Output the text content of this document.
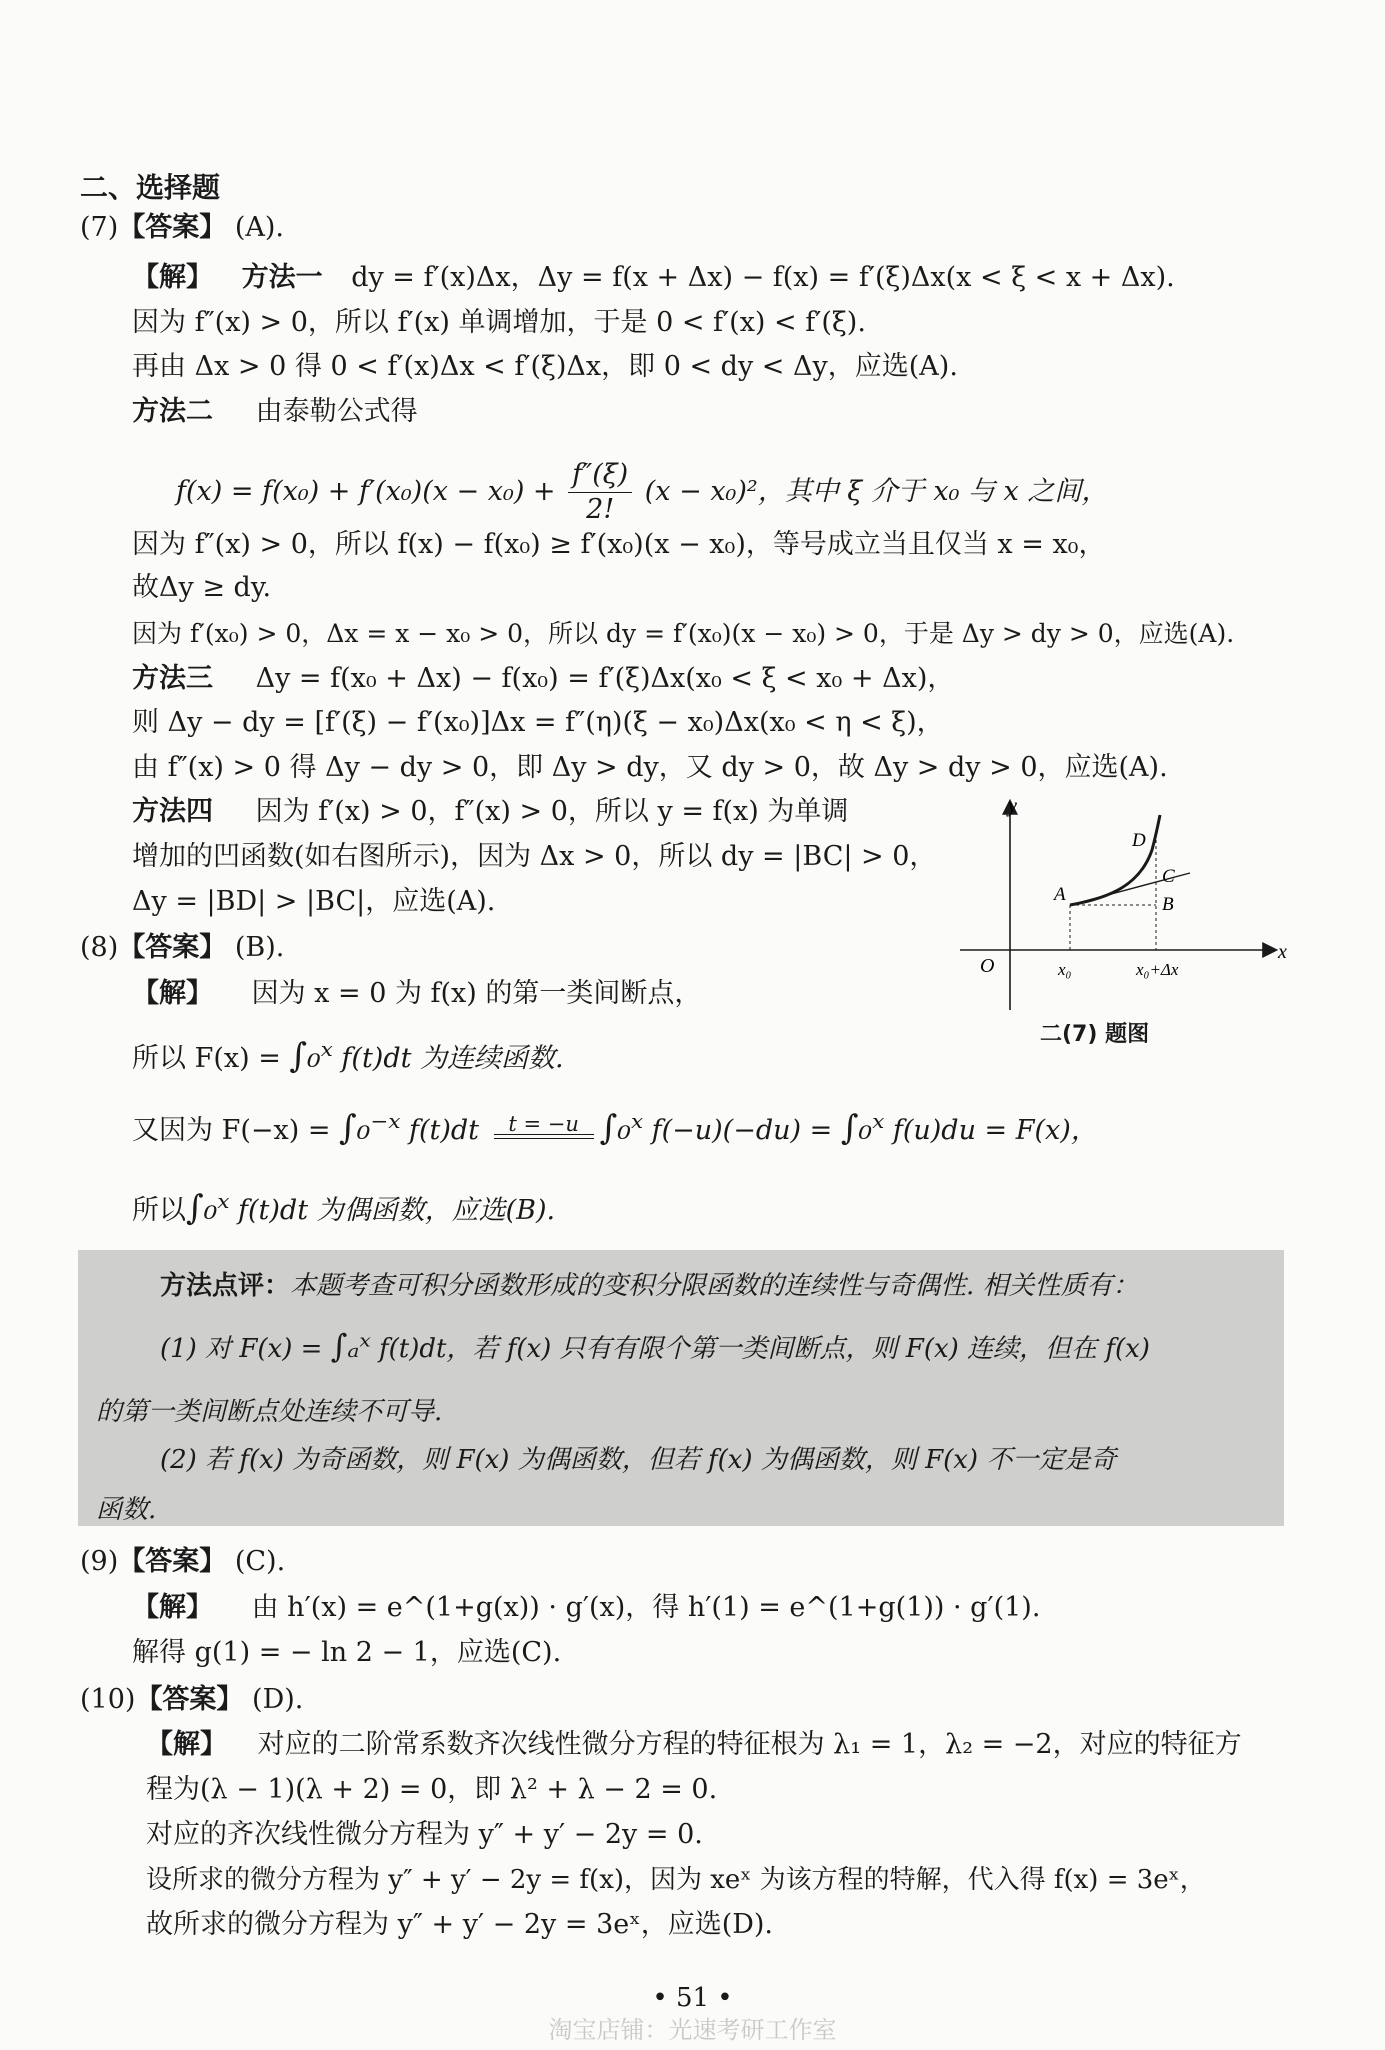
二、选择题
(7)【答案】 (A).
【解】 方法一 dy = f′(x)Δx，Δy = f(x + Δx) − f(x) = f′(ξ)Δx(x < ξ < x + Δx).
因为 f″(x) > 0，所以 f′(x) 单调增加，于是 0 < f′(x) < f′(ξ).
再由 Δx > 0 得 0 < f′(x)Δx < f′(ξ)Δx，即 0 < dy < Δy，应选(A).
方法二 由泰勒公式得
$f(x) = f(x_0) + f'(x_0)(x - x_0) + \frac{f''(\xi)}{2!} (x - x_0)^2$，其中 ξ 介于 x₀ 与 x 之间，
因为 f″(x) > 0，所以 f(x) − f(x₀) ≥ f′(x₀)(x − x₀)，等号成立当且仅当 x = x₀，
故Δy ≥ dy.
因为 f′(x₀) > 0，Δx = x − x₀ > 0，所以 dy = f′(x₀)(x − x₀) > 0，于是 Δy > dy > 0，应选(A).
方法三 Δy = f(x₀ + Δx) − f(x₀) = f′(ξ)Δx(x₀ < ξ < x₀ + Δx)，
则 Δy − dy = [f′(ξ) − f′(x₀)]Δx = f″(η)(ξ − x₀)Δx(x₀ < η < ξ)，
由 f″(x) > 0 得 Δy − dy > 0，即 Δy > dy，又 dy > 0，故 Δy > dy > 0，应选(A).
方法四 因为 f′(x) > 0，f″(x) > 0，所以 y = f(x) 为单调
增加的凹函数(如右图所示)，因为 Δx > 0，所以 dy = |BC| > 0，
Δy = |BD| > |BC|，应选(A).
y
x
O
A	B
C
D
x₀	x₀+Δx
二(7) 题图
(8)【答案】 (B).
【解】 因为 x = 0 为 f(x) 的第一类间断点，
所以 F(x) = ∫₀ˣ f(t)dt 为连续函数.
又因为 F(−x) = ∫₀⁻ˣ f(t)dt t = −u ∫₀ˣ f(−u)(−du) = ∫₀ˣ f(u)du = F(x)，
所以∫₀ˣ f(t)dt 为偶函数，应选(B).
方法点评：本题考查可积分函数形成的变积分限函数的连续性与奇偶性. 相关性质有：
(1) 对 F(x) = ∫ₐˣ f(t)dt，若 f(x) 只有有限个第一类间断点，则 F(x) 连续，但在 f(x)
的第一类间断点处连续不可导.
(2) 若 f(x) 为奇函数，则 F(x) 为偶函数，但若 f(x) 为偶函数，则 F(x) 不一定是奇
函数.
(9)【答案】 (C).
【解】 由 h′(x) = e^(1+g(x)) · g′(x)，得 h′(1) = e^(1+g(1)) · g′(1).
解得 g(1) = − ln 2 − 1，应选(C).
(10)【答案】 (D).
【解】 对应的二阶常系数齐次线性微分方程的特征根为 λ₁ = 1，λ₂ = −2，对应的特征方
程为(λ − 1)(λ + 2) = 0，即 λ² + λ − 2 = 0.
对应的齐次线性微分方程为 y″ + y′ − 2y = 0.
设所求的微分方程为 y″ + y′ − 2y = f(x)，因为 xeˣ 为该方程的特解，代入得 f(x) = 3eˣ，
故所求的微分方程为 y″ + y′ − 2y = 3eˣ，应选(D).
• 51 •
淘宝店铺：光速考研工作室
